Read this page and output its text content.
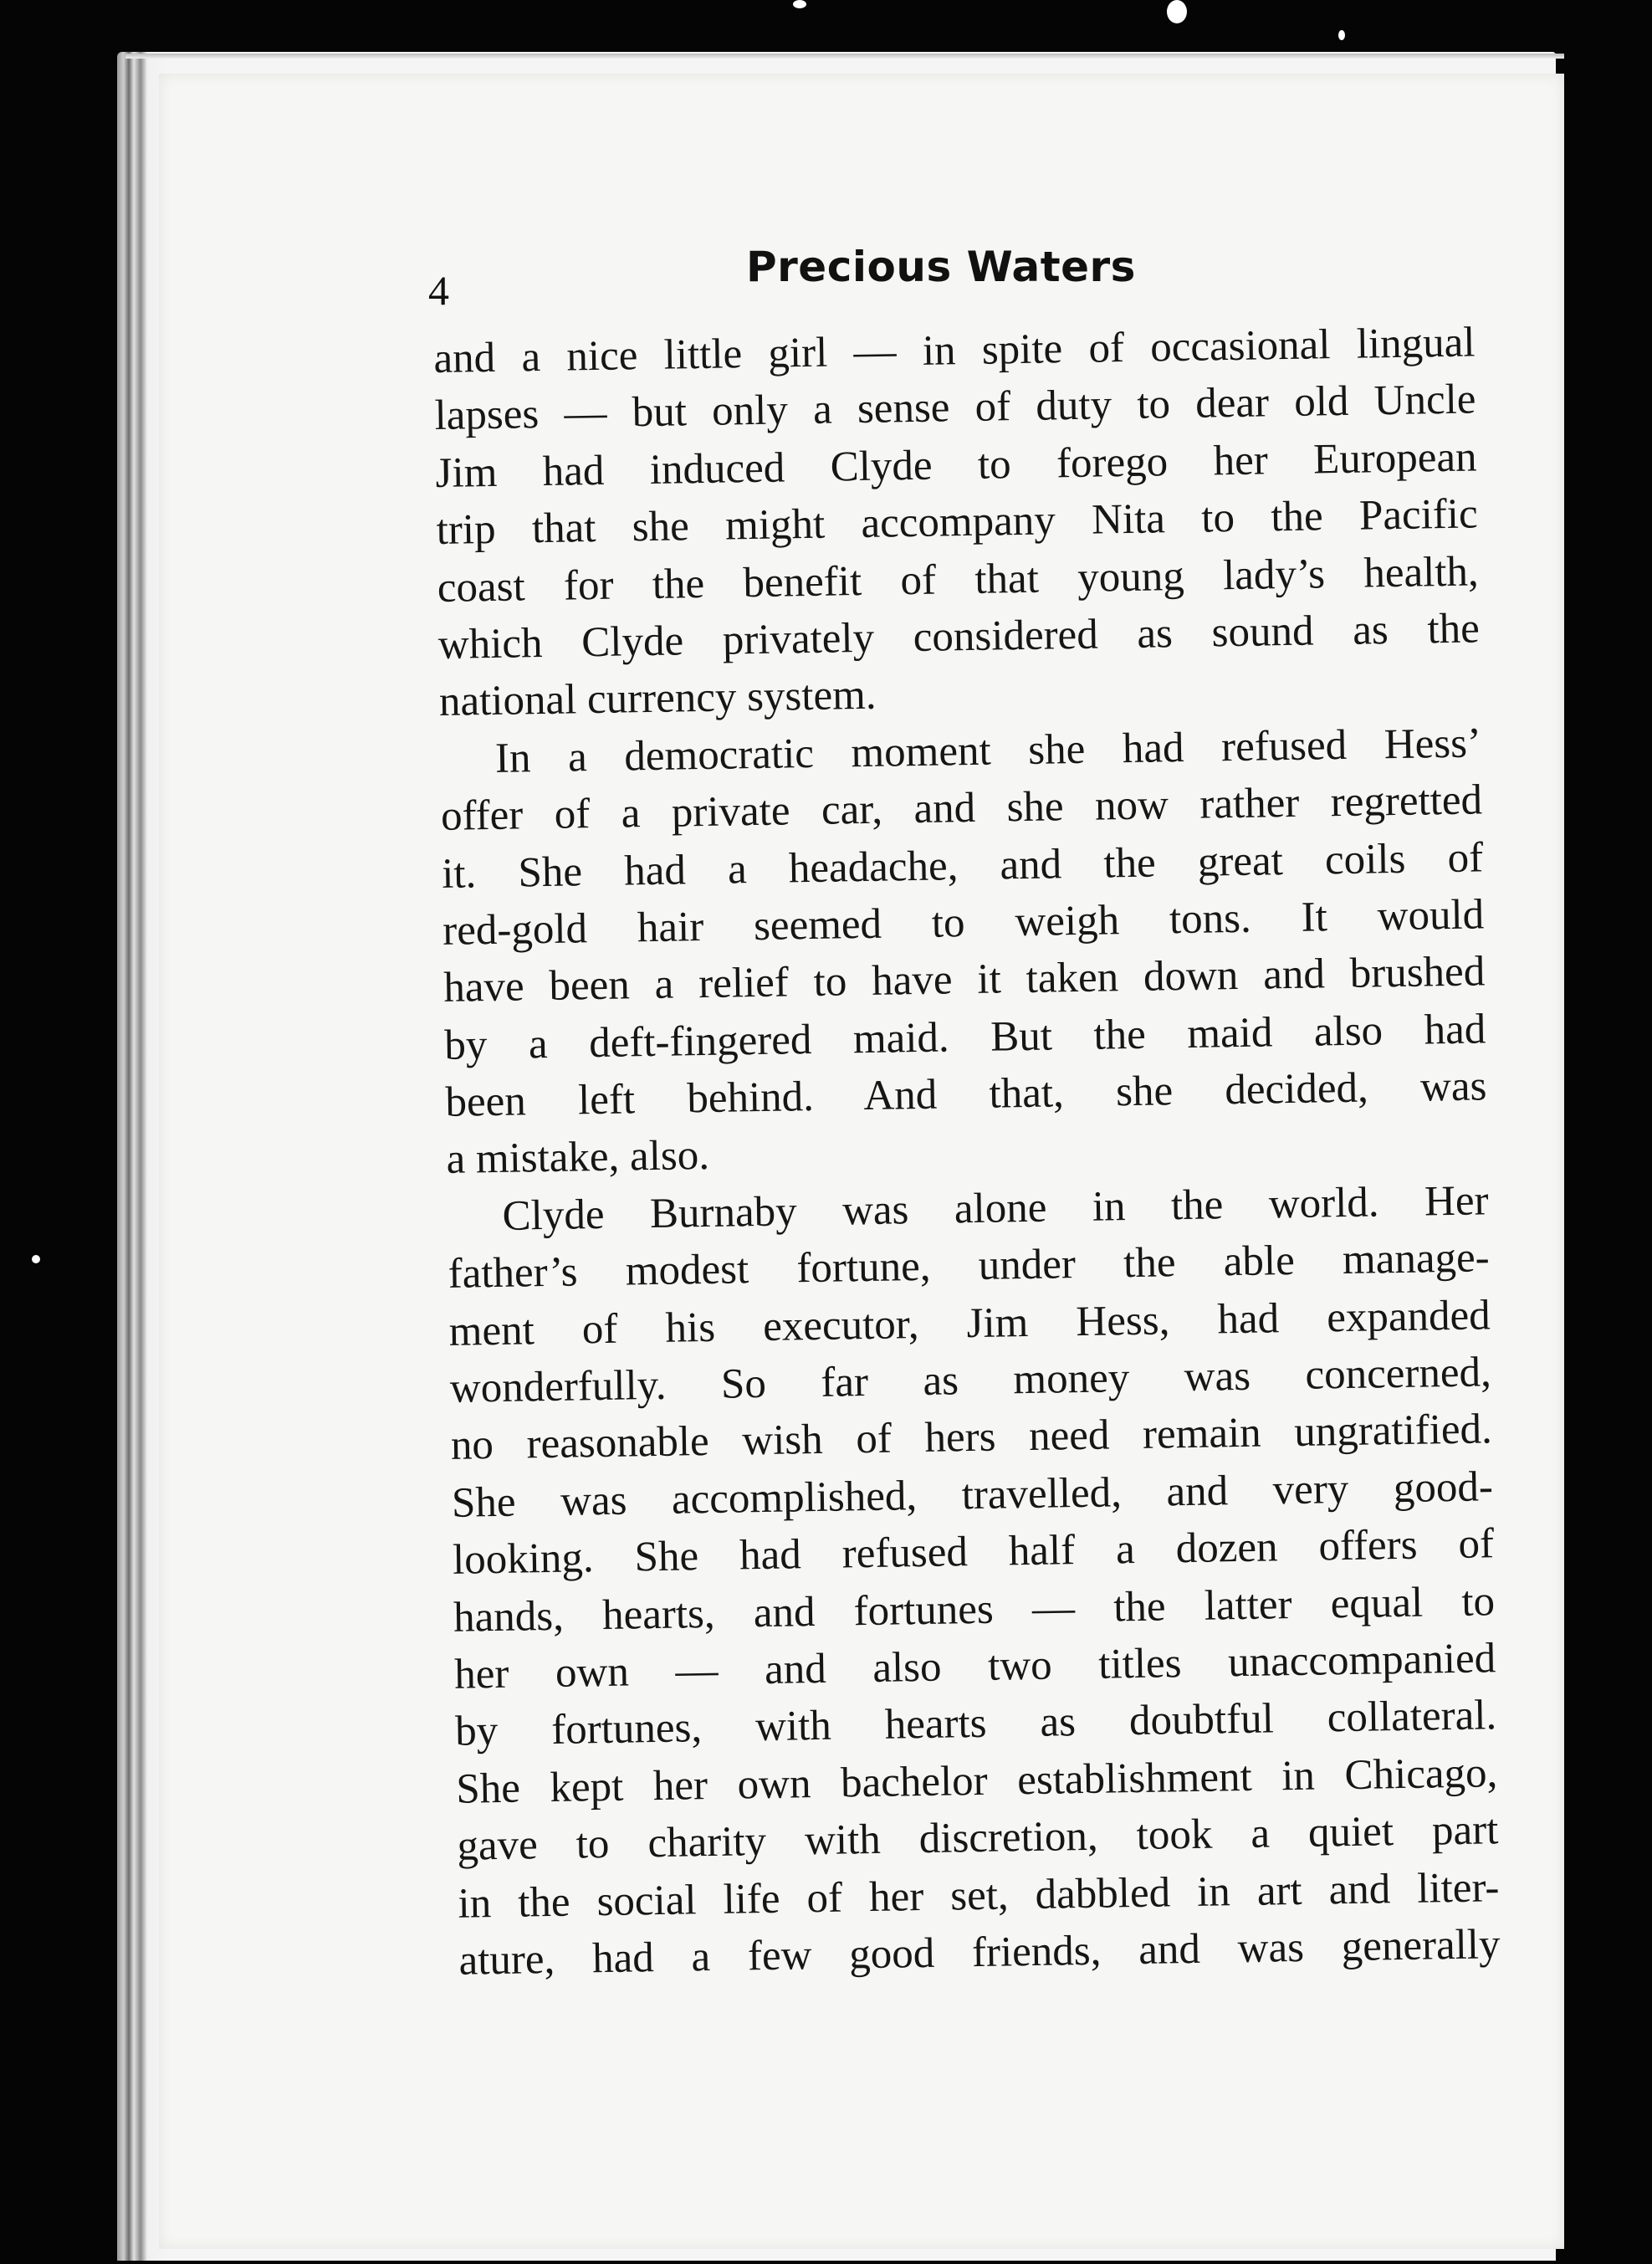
4	Precious Waters
and a nice little girl — in spite of occasional lingual
lapses — but only a sense of duty to dear old Uncle
Jim had induced Clyde to forego her European
trip that she might accompany Nita to the Pacific
coast for the benefit of that young lady’s health,
which Clyde privately considered as sound as the
national currency system.
In a democratic moment she had refused Hess’
offer of a private car, and she now rather regretted
it. She had a headache, and the great coils of
red-gold hair seemed to weigh tons. It would
have been a relief to have it taken down and brushed
by a deft-fingered maid. But the maid also had
been left behind. And that, she decided, was
a mistake, also.
Clyde Burnaby was alone in the world. Her
father’s modest fortune, under the able manage-
ment of his executor, Jim Hess, had expanded
wonderfully. So far as money was concerned,
no reasonable wish of hers need remain ungratified.
She was accomplished, travelled, and very good-
looking. She had refused half a dozen offers of
hands, hearts, and fortunes — the latter equal to
her own — and also two titles unaccompanied
by fortunes, with hearts as doubtful collateral.
She kept her own bachelor establishment in Chicago,
gave to charity with discretion, took a quiet part
in the social life of her set, dabbled in art and liter-
ature, had a few good friends, and was generally
